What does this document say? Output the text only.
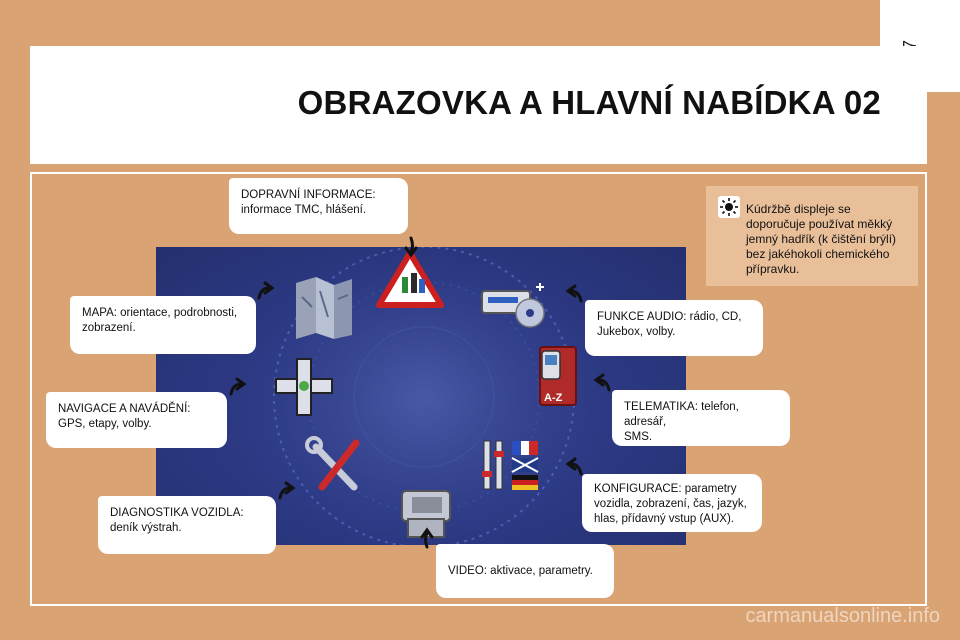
OBRAZOVKA A HLAVNÍ NABÍDKA 02
A-Z
DOPRAVNÍ INFORMACE:
informace TMC, hlášení.
MAPA: orientace, podrobnosti,
zobrazení.
NAVIGACE A NAVÁDĚNÍ:
GPS, etapy, volby.
DIAGNOSTIKA VOZIDLA:
deník výstrah.
FUNKCE AUDIO: rádio, CD,
Jukebox, volby.
TELEMATIKA: telefon, adresář,
SMS.
KONFIGURACE: parametry
vozidla, zobrazení, čas, jazyk,
hlas, přídavný vstup (AUX).
VIDEO: aktivace, parametry.
Kúdržbě displeje se
doporučuje používat měkký
jemný hadřík (k čištění brýlí)
bez jakéhokoli chemického
přípravku.
carmanualsonline.info
